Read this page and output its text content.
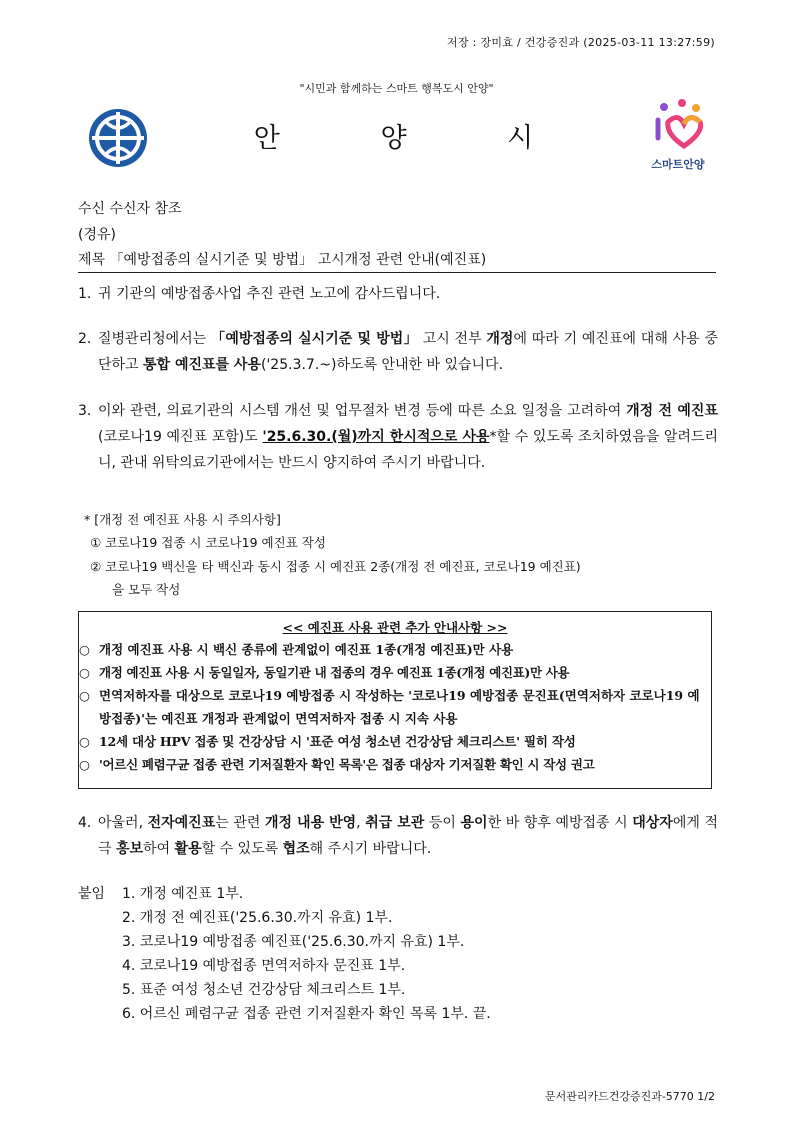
저장 : 장미효 / 건강증진과 (2025-03-11 13:27:59)
"시민과 함께하는 스마트 행복도시 안양"
안 양 시
스마트안양
수신 수신자 참조
(경유)
제목 「예방접종의 실시기준 및 방법」 고시개정 관련 안내(예진표)
1. 귀 기관의 예방접종사업 추진 관련 노고에 감사드립니다.
2. 질병관리청에서는 「예방접종의 실시기준 및 방법」 고시 전부 개정에 따라 기 예진표에 대해 사용 중단하고 통합 예진표를 사용('25.3.7.~)하도록 안내한 바 있습니다.
3. 이와 관련, 의료기관의 시스템 개선 및 업무절차 변경 등에 따른 소요 일정을 고려하여 개정 전 예진표(코로나19 예진표 포함)도 '25.6.30.(월)까지 한시적으로 사용*할 수 있도록 조치하였음을 알려드리니, 관내 위탁의료기관에서는 반드시 양지하여 주시기 바랍니다.
* [개정 전 예진표 사용 시 주의사항]
① 코로나19 접종 시 코로나19 예진표 작성
② 코로나19 백신을 타 백신과 동시 접종 시 예진표 2종(개정 전 예진표, 코로나19 예진표)
을 모두 작성
<< 예진표 사용 관련 추가 안내사항 >>
○ 개정 예진표 사용 시 백신 종류에 관계없이 예진표 1종(개정 예진표)만 사용
○ 개정 예진표 사용 시 동일일자, 동일기관 내 접종의 경우 예진표 1종(개정 예진표)만 사용
○ 면역저하자를 대상으로 코로나19 예방접종 시 작성하는 '코로나19 예방접종 문진표(면역저하자 코로나19 예방접종)'는 예진표 개정과 관계없이 면역저하자 접종 시 지속 사용
○ 12세 대상 HPV 접종 및 건강상담 시 '표준 여성 청소년 건강상담 체크리스트' 필히 작성
○ '어르신 폐렴구균 접종 관련 기저질환자 확인 목록'은 접종 대상자 기저질환 확인 시 작성 권고
4. 아울러, 전자예진표는 관련 개정 내용 반영, 취급 보관 등이 용이한 바 향후 예방접종 시 대상자에게 적극 홍보하여 활용할 수 있도록 협조해 주시기 바랍니다.
붙임 1. 개정 예진표 1부.
2. 개정 전 예진표('25.6.30.까지 유효) 1부.
3. 코로나19 예방접종 예진표('25.6.30.까지 유효) 1부.
4. 코로나19 예방접종 면역저하자 문진표 1부.
5. 표준 여성 청소년 건강상담 체크리스트 1부.
6. 어르신 폐렴구균 접종 관련 기저질환자 확인 목록 1부. 끝.
문서관리카드건강증진과-5770 1/2
